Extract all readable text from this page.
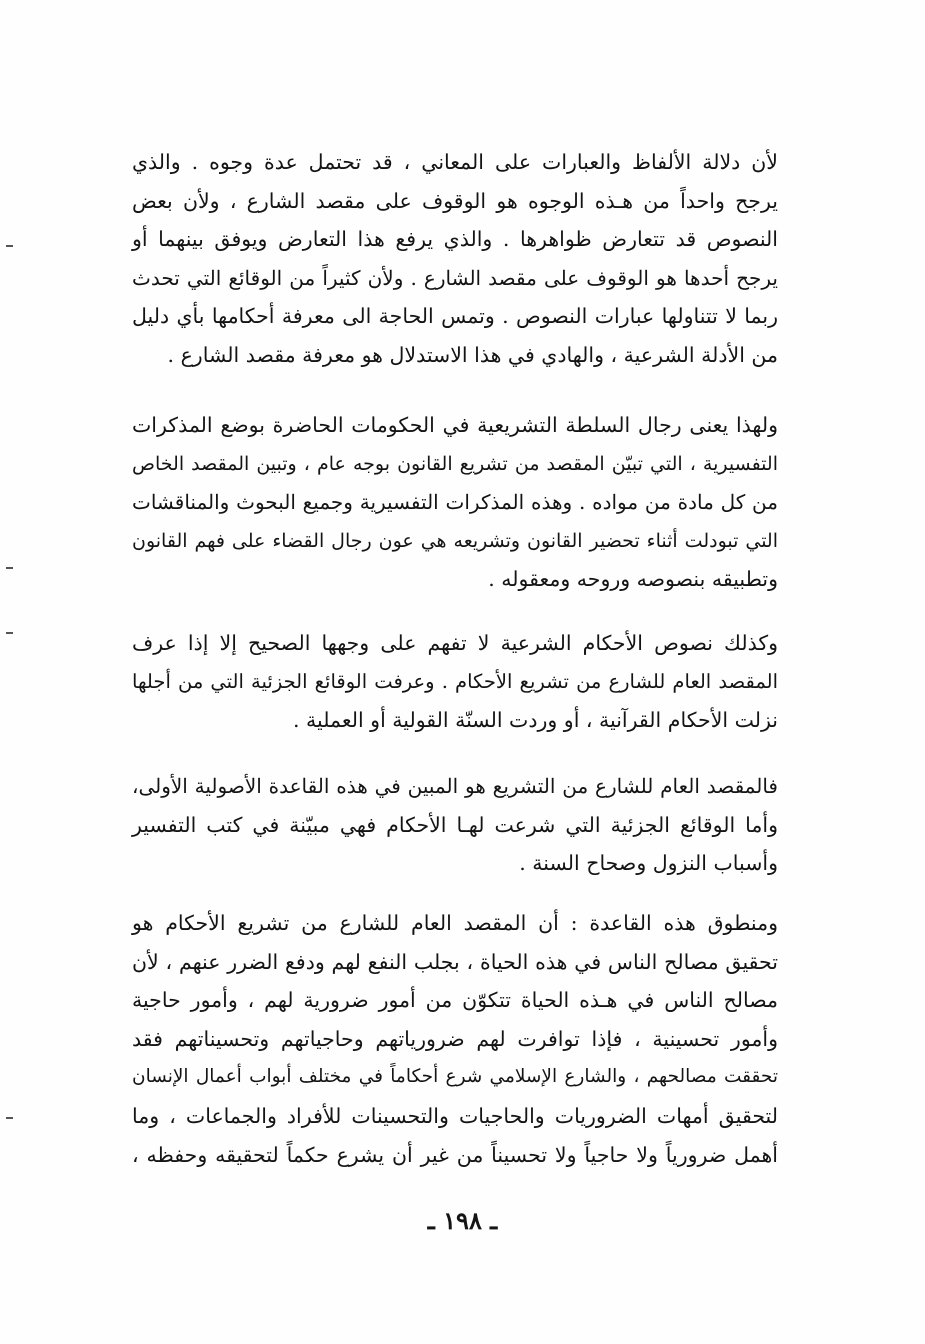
لأن دلالة الألفاظ والعبارات على المعاني ، قد تحتمل عدة وجوه . والذي
يرجح واحداً من هـذه الوجوه هو الوقوف على مقصد الشارع ، ولأن بعض
النصوص قد تتعارض ظواهرها . والذي يرفع هذا التعارض ويوفق بينهما أو
يرجح أحدها هو الوقوف على مقصد الشارع . ولأن كثيراً من الوقائع التي تحدث
ربما لا تتناولها عبارات النصوص . وتمس الحاجة الى معرفة أحكامها بأي دليل
من الأدلة الشرعية ، والهادي في هذا الاستدلال هو معرفة مقصد الشارع .
ولهذا يعنى رجال السلطة التشريعية في الحكومات الحاضرة بوضع المذكرات
التفسيرية ، التي تبيّن المقصد من تشريع القانون بوجه عام ، وتبين المقصد الخاص
من كل مادة من مواده . وهذه المذكرات التفسيرية وجميع البحوث والمناقشات
التي تبودلت أثناء تحضير القانون وتشريعه هي عون رجال القضاء على فهم القانون
وتطبيقه بنصوصه وروحه ومعقوله .
وكذلك نصوص الأحكام الشرعية لا تفهم على وجهها الصحيح إلا إذا عرف
المقصد العام للشارع من تشريع الأحكام . وعرفت الوقائع الجزئية التي من أجلها
نزلت الأحكام القرآنية ، أو وردت السنّة القولية أو العملية .
فالمقصد العام للشارع من التشريع هو المبين في هذه القاعدة الأصولية الأولى،
وأما الوقائع الجزئية التي شرعت لهـا الأحكام فهي مبيّنة في كتب التفسير
وأسباب النزول وصحاح السنة .
ومنطوق هذه القاعدة : أن المقصد العام للشارع من تشريع الأحكام هو
تحقيق مصالح الناس في هذه الحياة ، بجلب النفع لهم ودفع الضرر عنهم ، لأن
مصالح الناس في هـذه الحياة تتكوّن من أمور ضرورية لهم ، وأمور حاجية
وأمور تحسينية ، فإذا توافرت لهم ضرورياتهم وحاجياتهم وتحسيناتهم فقد
تحققت مصالحهم ، والشارع الإسلامي شرع أحكاماً في مختلف أبواب أعمال الإنسان
لتحقيق أمهات الضروريات والحاجيات والتحسينات للأفراد والجماعات ، وما
أهمل ضرورياً ولا حاجياً ولا تحسيناً من غير أن يشرع حكماً لتحقيقه وحفظه ،
ـ ١٩٨ ـ
